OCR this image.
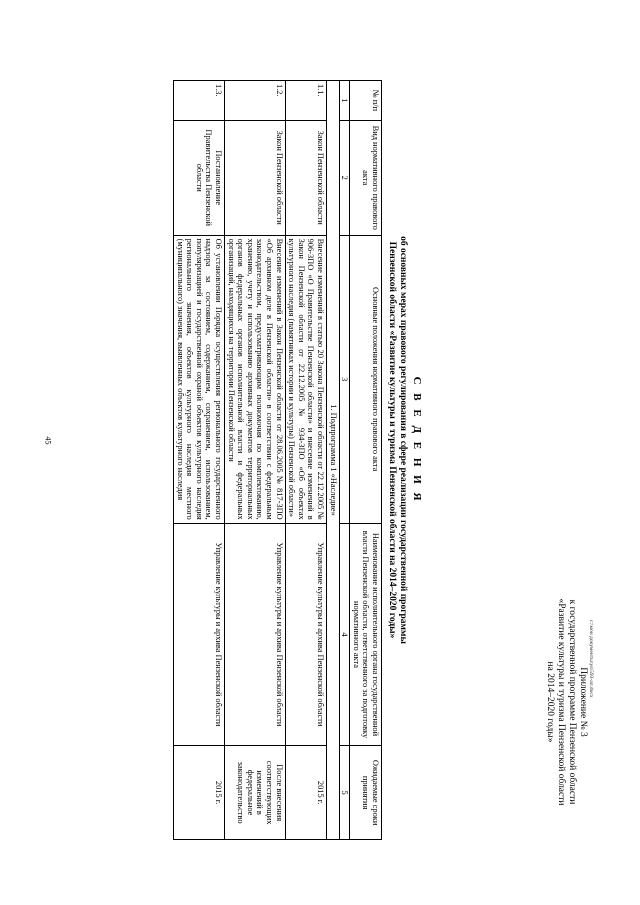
45
Приложение № 3
к государственной программе Пензенской области
«Развитие культуры и туризма Пензенской области
на 2014–2020 годы»
С В Е Д Е Н И Я
об основных мерах правового регулирования в сфере реализации государственной программы
Пензенской области «Развитие культуры и туризма Пензенской области на 2014–2020 годы»
№ п/п	Вид нормативного правового акта	Основные положения нормативного правового акта	Наименование исполнительного органа государственной власти Пензенской области, ответственного за подготовку нормативного акта	Ожидаемые сроки принятия
1	2	3	4	5
1. Подпрограмма 1 «Наследие»				
1.1.	Закон Пензенской области	Внесение изменений в статью 20 Закона Пензенской области от 22.12.2005 № 906-ЗПО «О Правительстве Пензенской области» и внесение изменений в Закон Пензенской области от 22.12.2005 № 934-ЗПО «Об объектах культурного наследия (памятниках истории и культуры) Пензенской области»	Управление культуры и архива Пензенской области	2015 г.
1.2.	Закон Пензенской области	Внесение изменений в Закон Пензенской области от 28.06.2005 № 817-ЗПО «Об архивном деле в Пензенской области» в соответствии с федеральным законодательством, предусматривающим полномочия по комплектованию, хранению, учету и использованию архивных документов территориальных органов федеральных органов исполнительной власти и федеральных организаций, находящихся на территории Пензенской области	Управление культуры и архива Пензенской области	После внесения соответствующих изменений в федеральное законодательство
1.3.	Постановление Правительства Пензенской области	Об установлении Порядка осуществления регионального государственного надзора за состоянием, содержанием, сохранением, использованием, популяризацией и государственной охраной объектов культурного наследия регионального значения, объектов культурного наследия местного (муниципального) значения, выявленных объектов культурного наследия	Управление культуры и архива Пензенской области	2015 г.
c:\мои документы\ул\593-ап.docx
